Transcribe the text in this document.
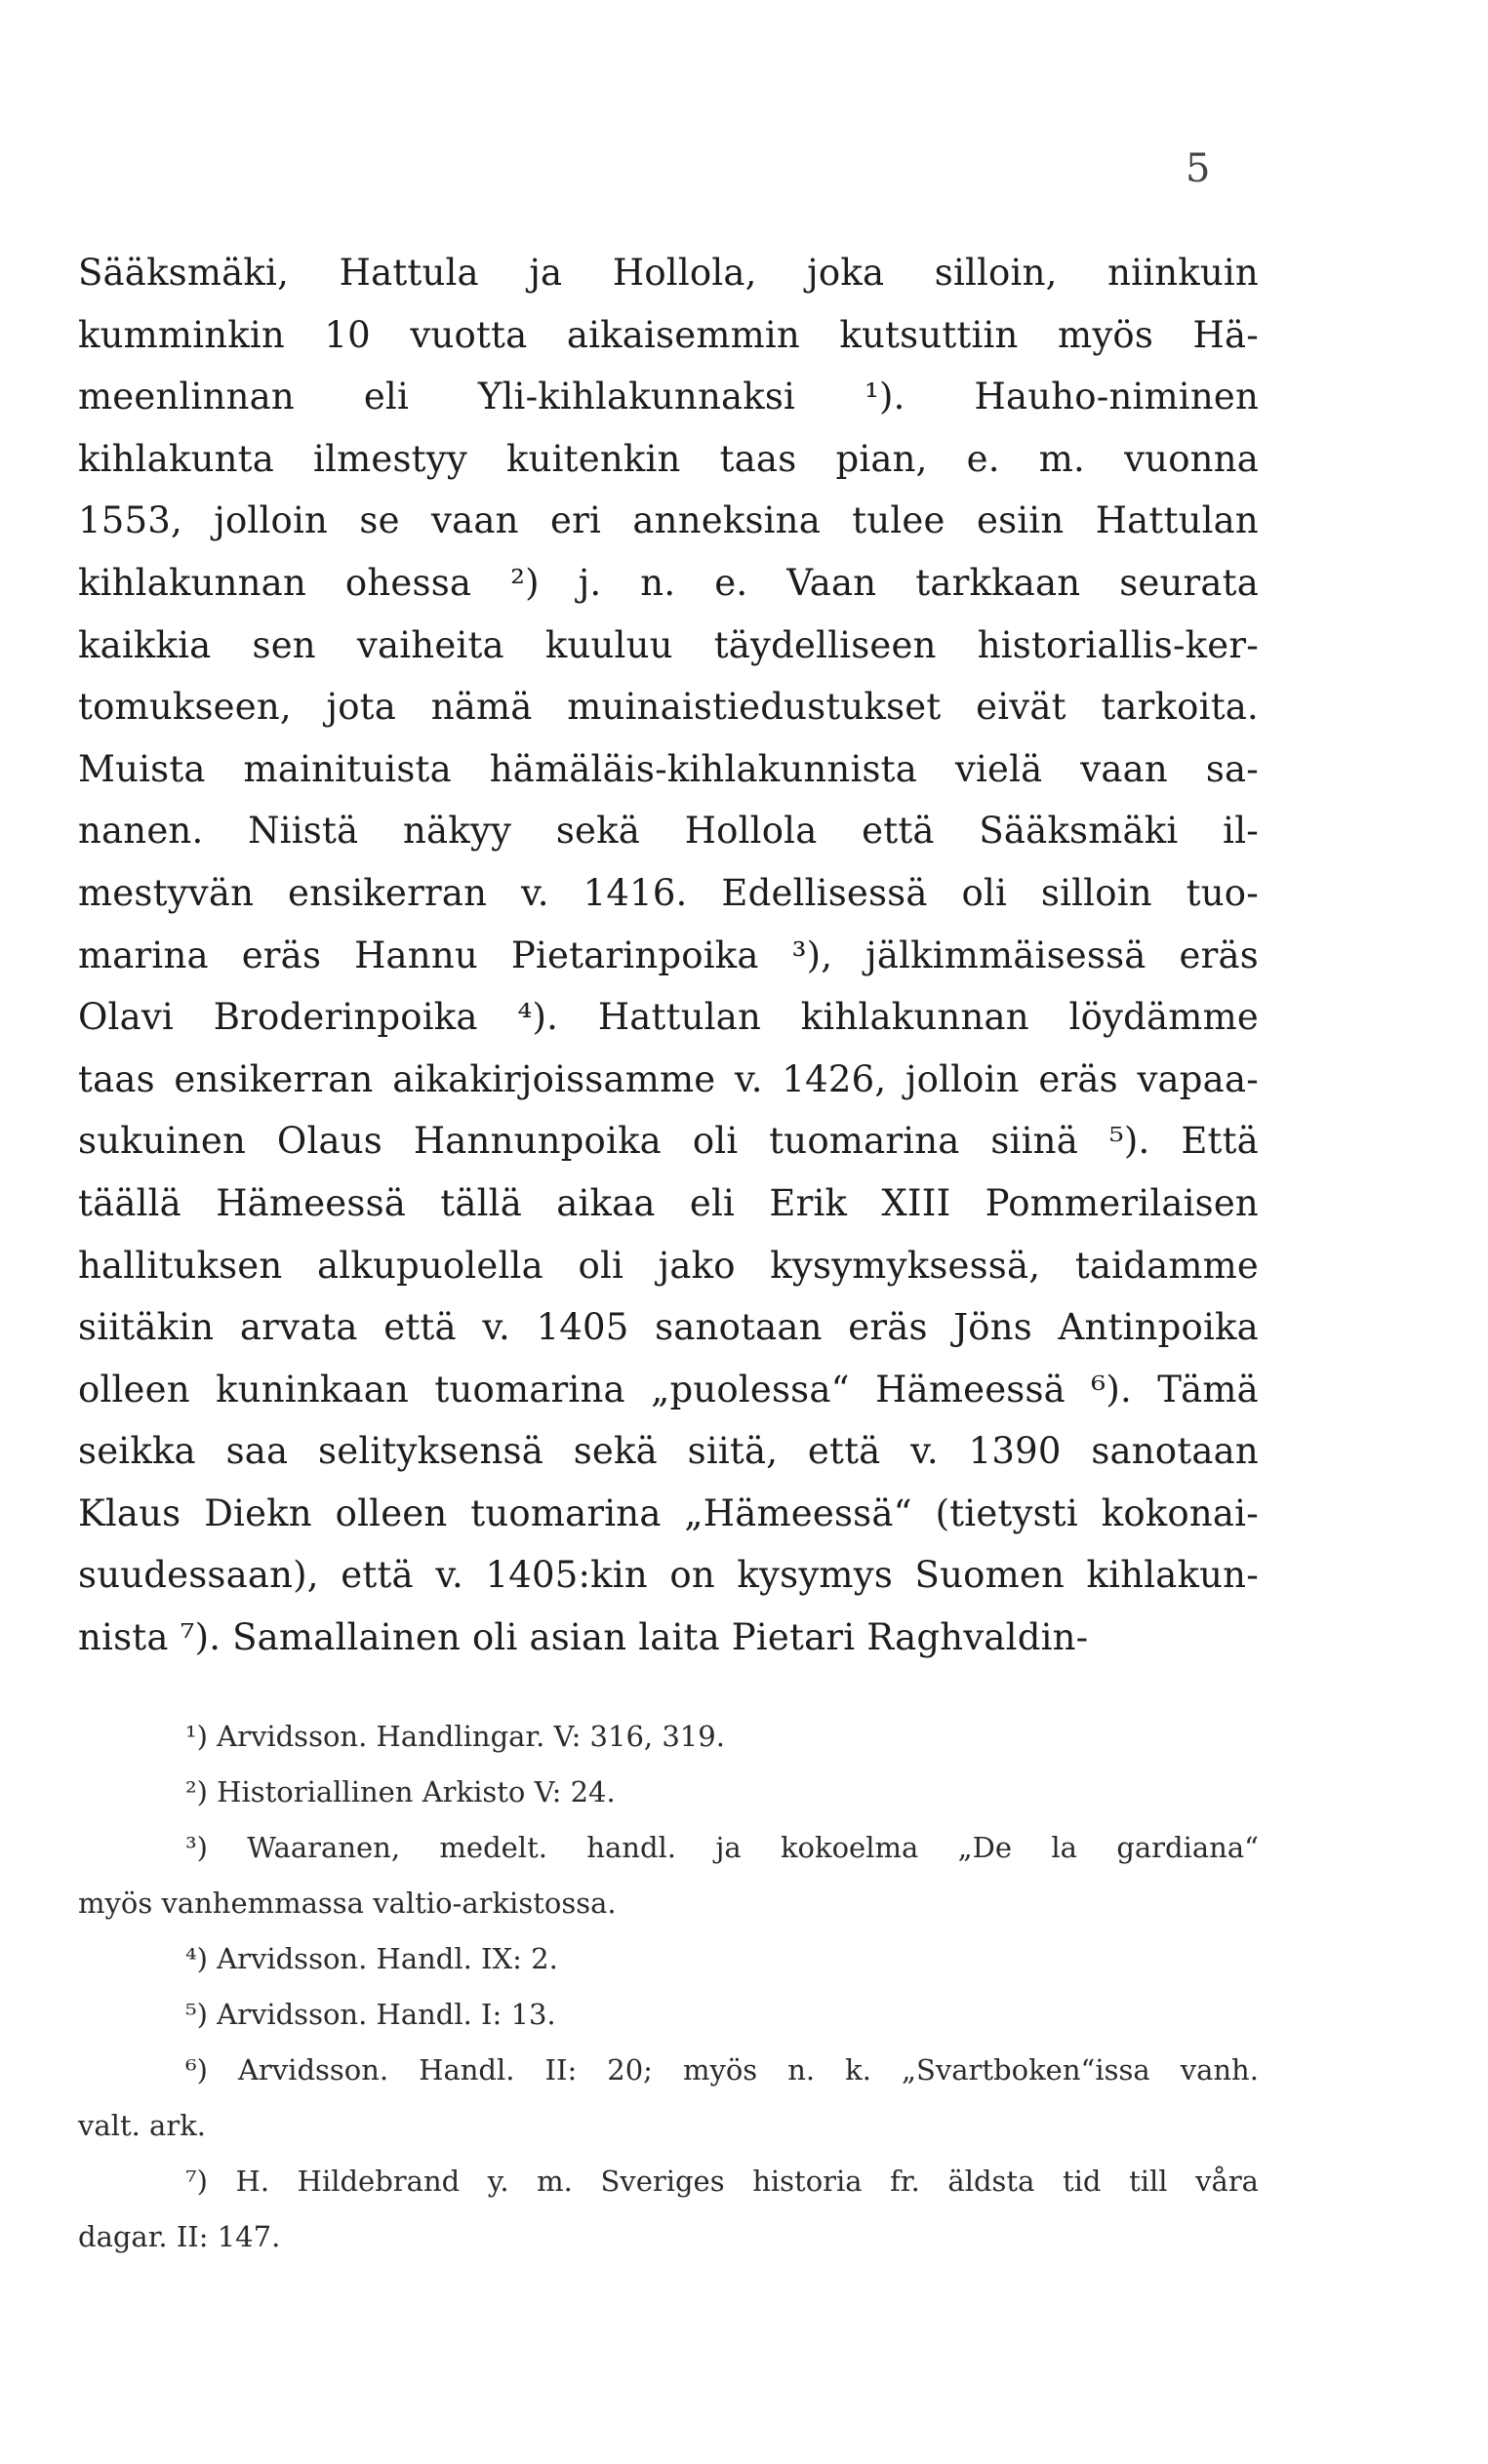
5
Sääksmäki, Hattula ja Hollola, joka silloin, niinkuin
kumminkin 10 vuotta aikaisemmin kutsuttiin myös Hä-
meenlinnan eli Yli-kihlakunnaksi ¹). Hauho-niminen
kihlakunta ilmestyy kuitenkin taas pian, e. m. vuonna
1553, jolloin se vaan eri anneksina tulee esiin Hattulan
kihlakunnan ohessa ²) j. n. e. Vaan tarkkaan seurata
kaikkia sen vaiheita kuuluu täydelliseen historiallis-ker-
tomukseen, jota nämä muinaistiedustukset eivät tarkoita.
Muista mainituista hämäläis-kihlakunnista vielä vaan sa-
nanen. Niistä näkyy sekä Hollola että Sääksmäki il-
mestyvän ensikerran v. 1416. Edellisessä oli silloin tuo-
marina eräs Hannu Pietarinpoika ³), jälkimmäisessä eräs
Olavi Broderinpoika ⁴). Hattulan kihlakunnan löydämme
taas ensikerran aikakirjoissamme v. 1426, jolloin eräs vapaa-
sukuinen Olaus Hannunpoika oli tuomarina siinä ⁵). Että
täällä Hämeessä tällä aikaa eli Erik XIII Pommerilaisen
hallituksen alkupuolella oli jako kysymyksessä, taidamme
siitäkin arvata että v. 1405 sanotaan eräs Jöns Antinpoika
olleen kuninkaan tuomarina „puolessa“ Hämeessä ⁶). Tämä
seikka saa selityksensä sekä siitä, että v. 1390 sanotaan
Klaus Diekn olleen tuomarina „Hämeessä“ (tietysti kokonai-
suudessaan), että v. 1405:kin on kysymys Suomen kihlakun-
nista ⁷). Samallainen oli asian laita Pietari Raghvaldin-
¹) Arvidsson. Handlingar. V: 316, 319.
²) Historiallinen Arkisto V: 24.
³) Waaranen, medelt. handl. ja kokoelma „De la gardiana“
myös vanhemmassa valtio-arkistossa.
⁴) Arvidsson. Handl. IX: 2.
⁵) Arvidsson. Handl. I: 13.
⁶) Arvidsson. Handl. II: 20; myös n. k. „Svartboken“issa vanh.
valt. ark.
⁷) H. Hildebrand y. m. Sveriges historia fr. äldsta tid till våra
dagar. II: 147.
